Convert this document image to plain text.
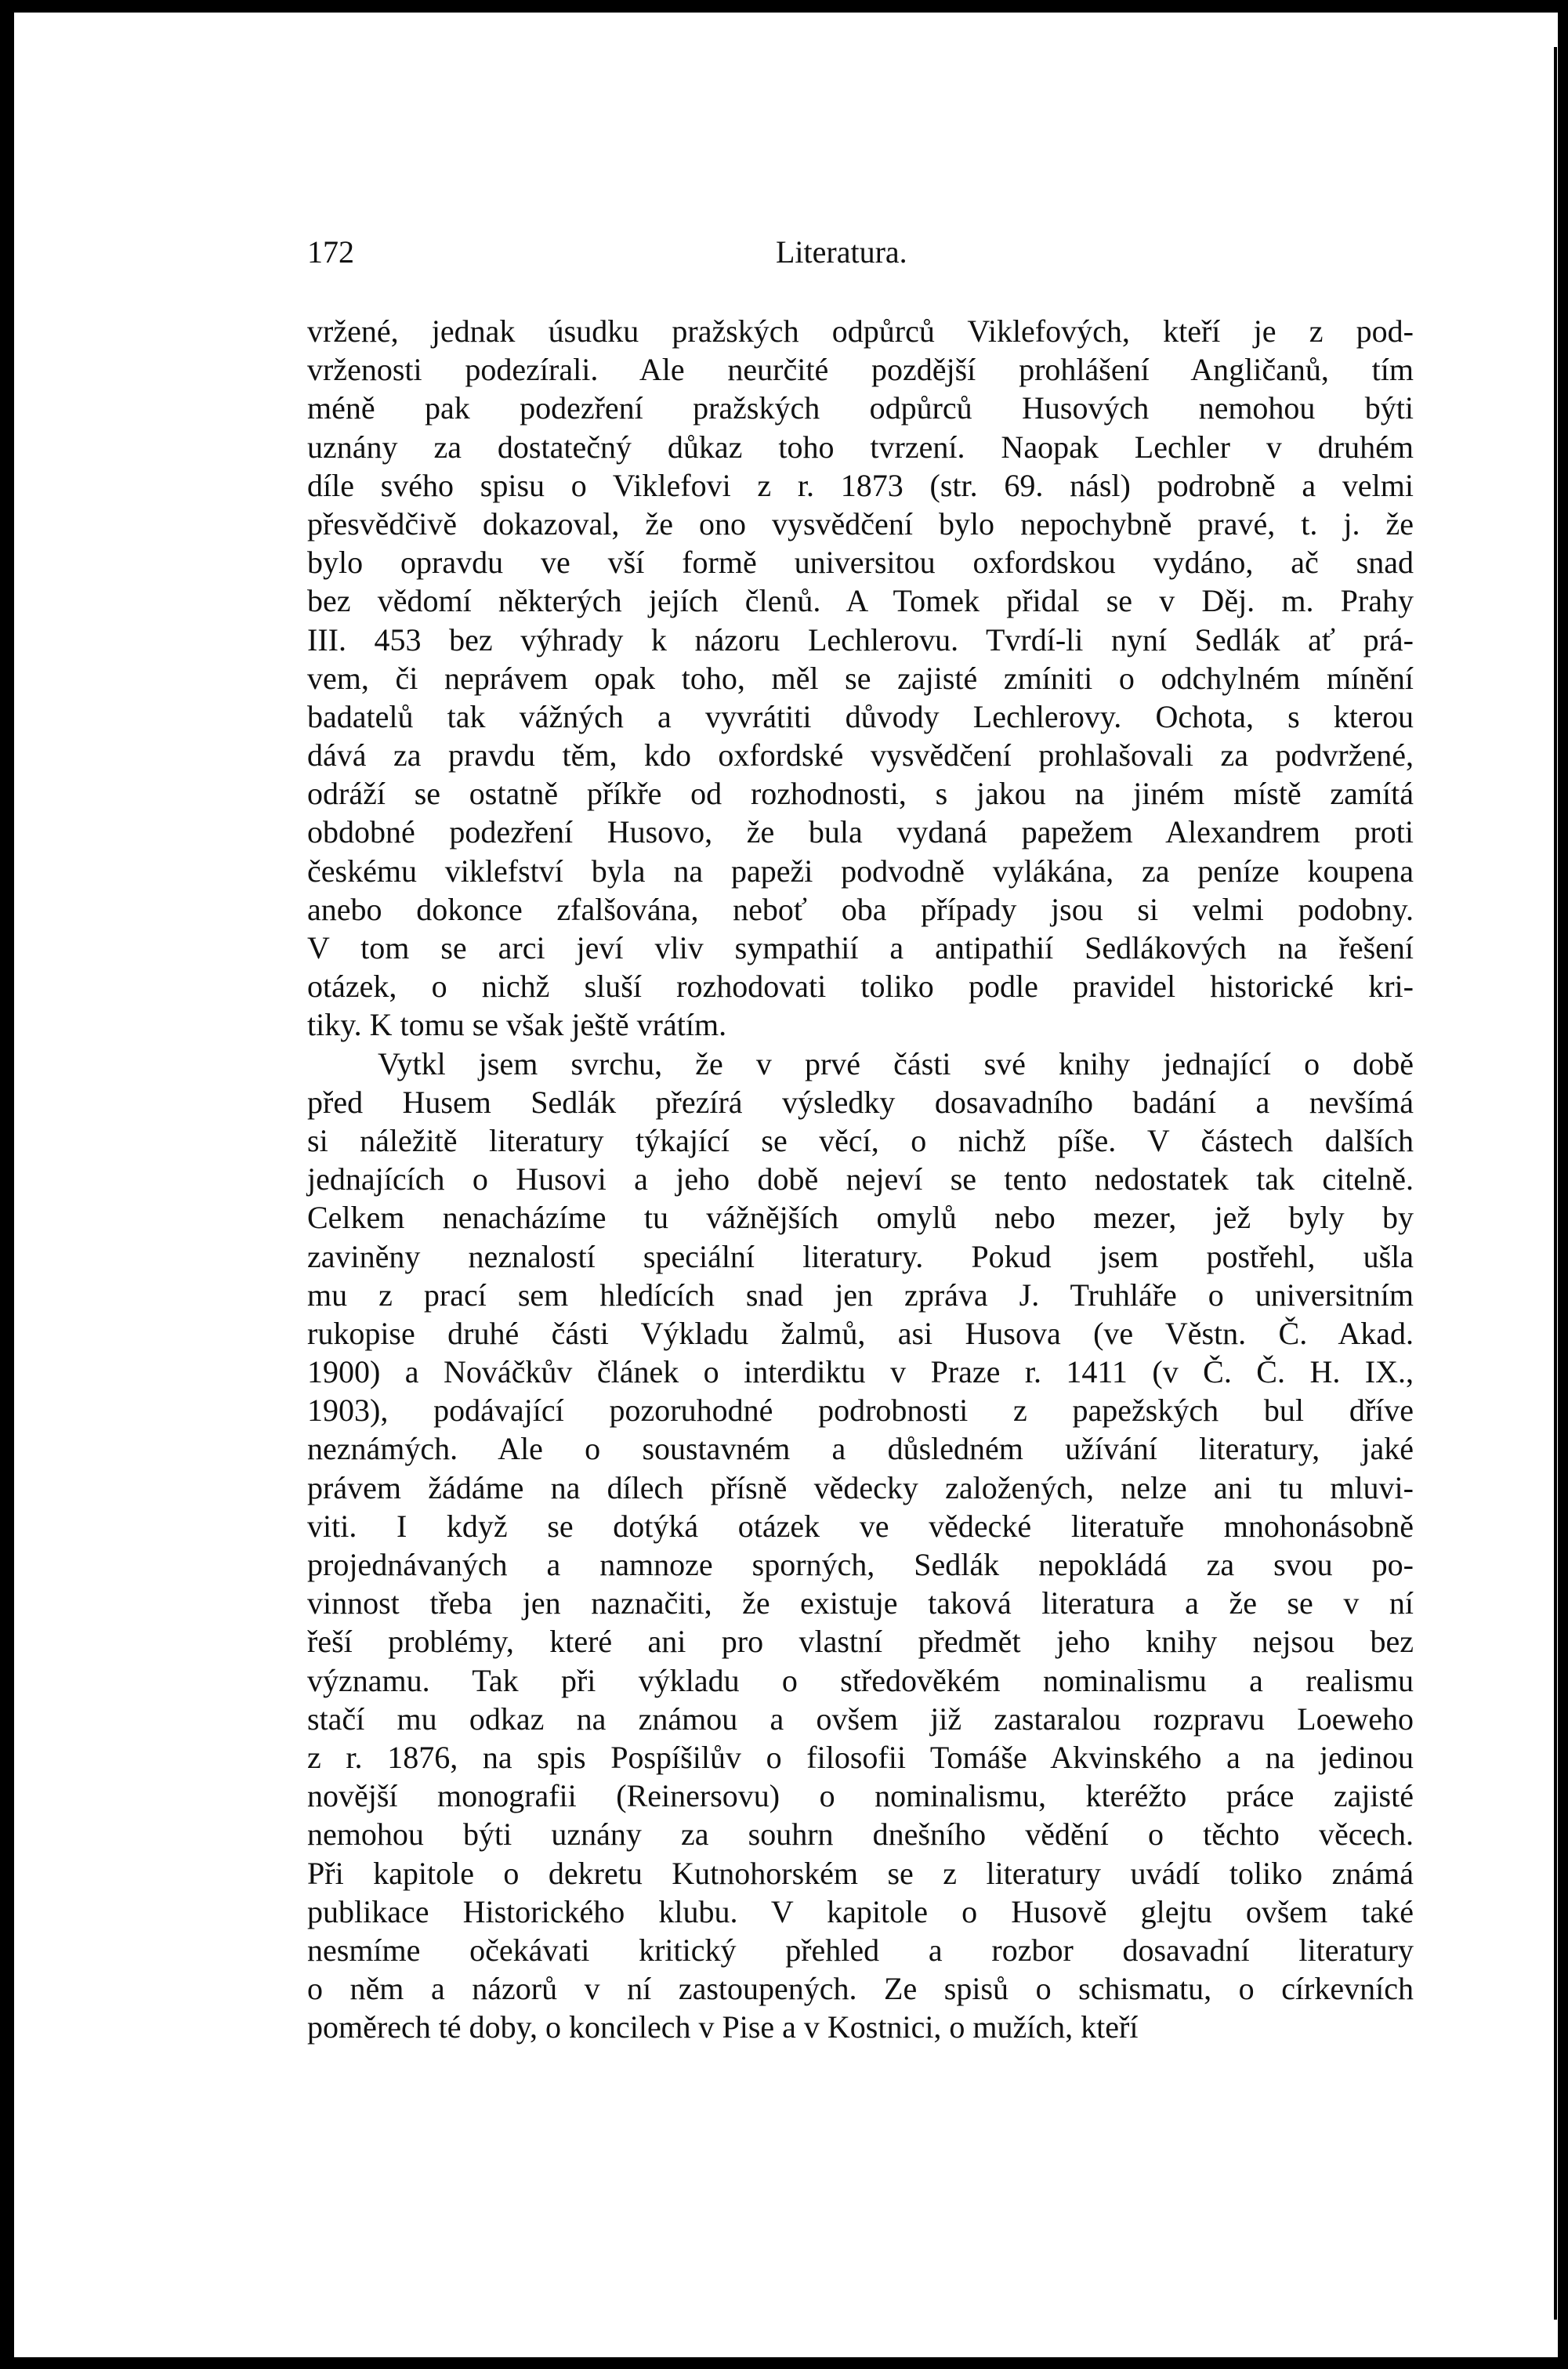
172	Literatura.
vržené, jednak úsudku pražských odpůrců Viklefových, kteří je z pod-
vrženosti podezírali. Ale neurčité pozdější prohlášení Angličanů, tím
méně pak podezření pražských odpůrců Husových nemohou býti
uznány za dostatečný důkaz toho tvrzení. Naopak Lechler v druhém
díle svého spisu o Viklefovi z r. 1873 (str. 69. násl) podrobně a velmi
přesvědčivě dokazoval, že ono vysvědčení bylo nepochybně pravé, t. j. že
bylo opravdu ve vší formě universitou oxfordskou vydáno, ač snad
bez vědomí některých jejích členů. A Tomek přidal se v Děj. m. Prahy
III. 453 bez výhrady k názoru Lechlerovu. Tvrdí-li nyní Sedlák ať prá-
vem, či neprávem opak toho, měl se zajisté zmíniti o odchylném mínění
badatelů tak vážných a vyvrátiti důvody Lechlerovy. Ochota, s kterou
dává za pravdu těm, kdo oxfordské vysvědčení prohlašovali za podvržené,
odráží se ostatně příkře od rozhodnosti, s jakou na jiném místě zamítá
obdobné podezření Husovo, že bula vydaná papežem Alexandrem proti
českému viklefství byla na papeži podvodně vylákána, za peníze koupena
anebo dokonce zfalšována, neboť oba případy jsou si velmi podobny.
V tom se arci jeví vliv sympathií a antipathií Sedlákových na řešení
otázek, o nichž sluší rozhodovati toliko podle pravidel historické kri-
tiky. K tomu se však ještě vrátím.
Vytkl jsem svrchu, že v prvé části své knihy jednající o době
před Husem Sedlák přezírá výsledky dosavadního badání a nevšímá
si náležitě literatury týkající se věcí, o nichž píše. V částech dalších
jednajících o Husovi a jeho době nejeví se tento nedostatek tak citelně.
Celkem nenacházíme tu vážnějších omylů nebo mezer, jež byly by
zaviněny neznalostí speciální literatury. Pokud jsem postřehl, ušla
mu z prací sem hledících snad jen zpráva J. Truhláře o universitním
rukopise druhé části Výkladu žalmů, asi Husova (ve Věstn. Č. Akad.
1900) a Nováčkův článek o interdiktu v Praze r. 1411 (v Č. Č. H. IX.,
1903), podávající pozoruhodné podrobnosti z papežských bul dříve
neznámých. Ale o soustavném a důsledném užívání literatury, jaké
právem žádáme na dílech přísně vědecky založených, nelze ani tu mluvi-
viti. I když se dotýká otázek ve vědecké literatuře mnohonásobně
projednávaných a namnoze sporných, Sedlák nepokládá za svou po-
vinnost třeba jen naznačiti, že existuje taková literatura a že se v ní
řeší problémy, které ani pro vlastní předmět jeho knihy nejsou bez
významu. Tak při výkladu o středověkém nominalismu a realismu
stačí mu odkaz na známou a ovšem již zastaralou rozpravu Loeweho
z r. 1876, na spis Pospíšilův o filosofii Tomáše Akvinského a na jedinou
novější monografii (Reinersovu) o nominalismu, kteréžto práce zajisté
nemohou býti uznány za souhrn dnešního vědění o těchto věcech.
Při kapitole o dekretu Kutnohorském se z literatury uvádí toliko známá
publikace Historického klubu. V kapitole o Husově glejtu ovšem také
nesmíme očekávati kritický přehled a rozbor dosavadní literatury
o něm a názorů v ní zastoupených. Ze spisů o schismatu, o církevních
poměrech té doby, o koncilech v Pise a v Kostnici, o mužích, kteří
